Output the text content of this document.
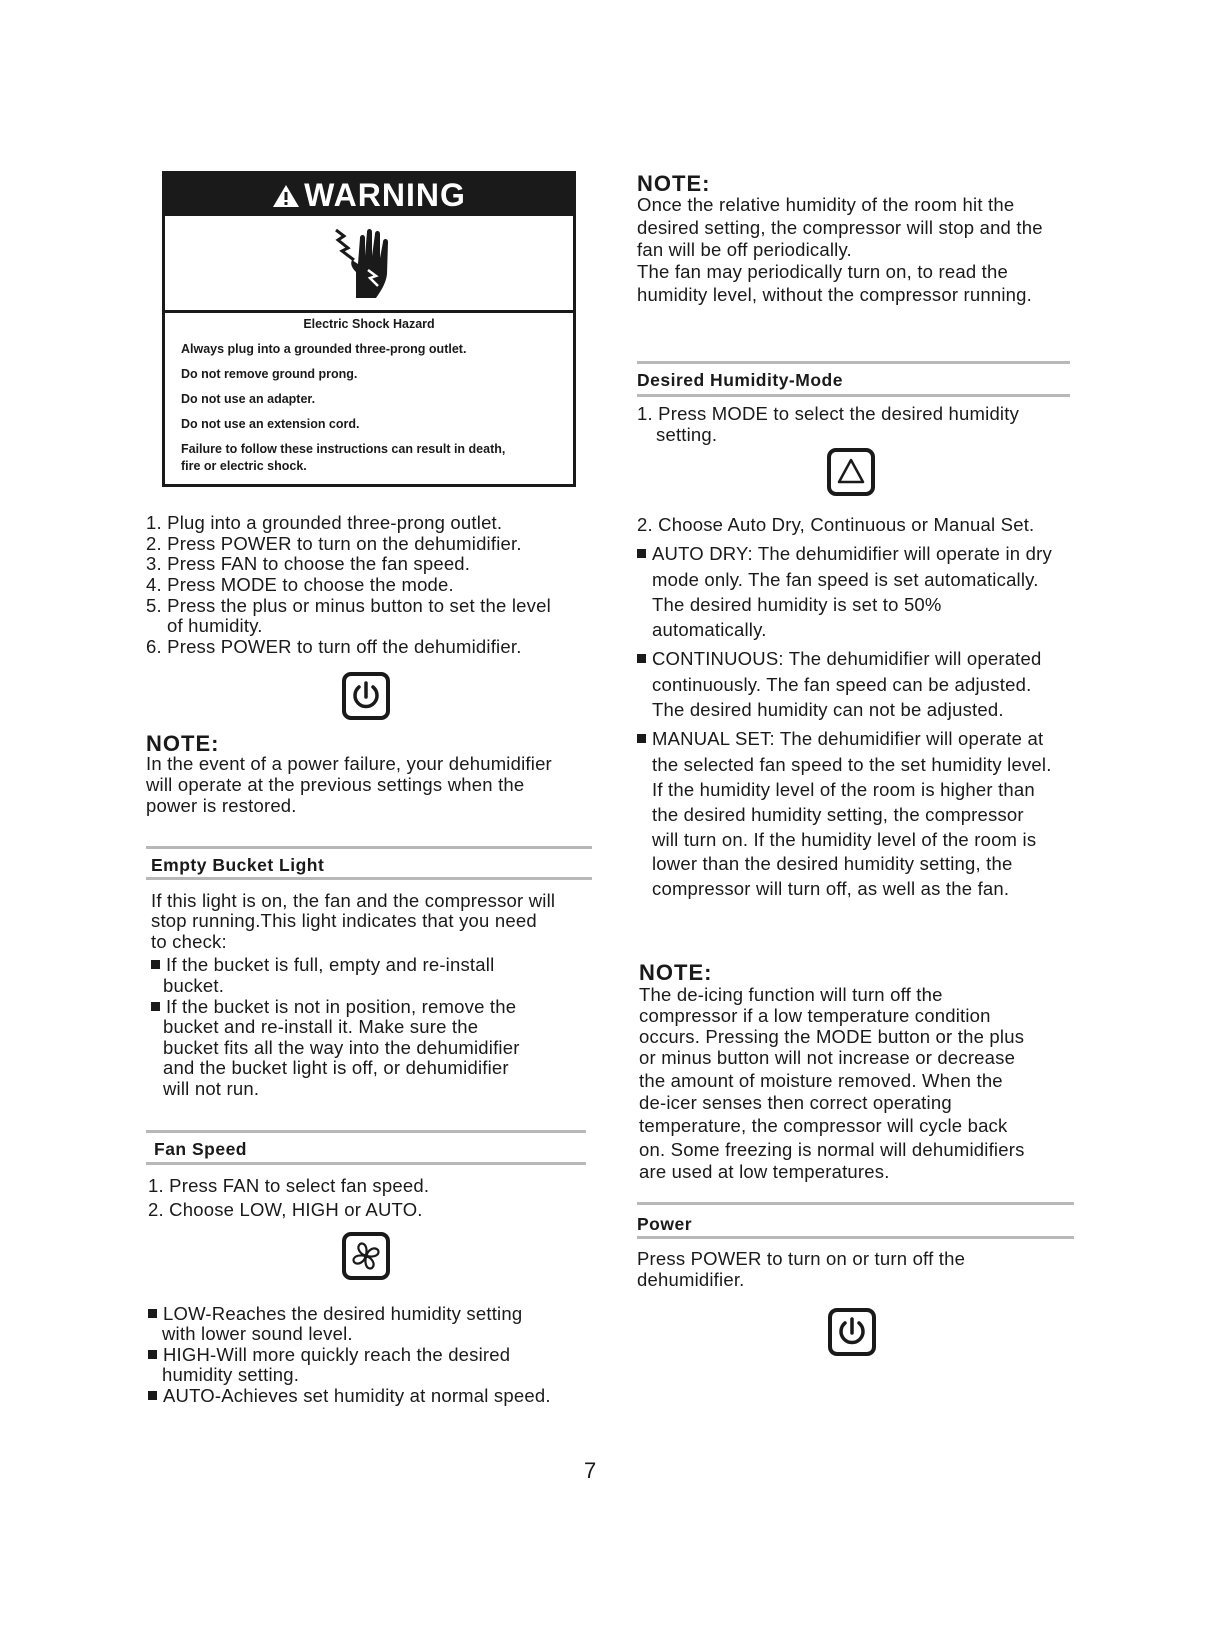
WARNING
Electric Shock Hazard
Always plug into a grounded three-prong outlet.
Do not remove ground prong.
Do not use an adapter.
Do not use an extension cord.
Failure to follow these instructions can result in death,
fire or electric shock.
1. Plug into a grounded three-prong outlet.
2. Press POWER to turn on the dehumidifier.
3. Press FAN to choose the fan speed.
4. Press MODE to choose the mode.
5. Press the plus or minus button to set the level
of humidity.
6. Press POWER to turn off the dehumidifier.
NOTE:
In the event of a power failure, your dehumidifier
will operate at the previous settings when the
power is restored.
Empty Bucket Light
If this light is on, the fan and the compressor will
stop running.This light indicates that you need
to check:
If the bucket is full, empty and re-install
bucket.
If the bucket is not in position, remove the
bucket and re-install it. Make sure the
bucket fits all the way into the dehumidifier
and the bucket light is off, or dehumidifier
will not run.
Fan Speed
1. Press FAN to select fan speed.
2. Choose LOW, HIGH or AUTO.
LOW-Reaches the desired humidity setting
with lower sound level.
HIGH-Will more quickly reach the desired
humidity setting.
AUTO-Achieves set humidity at normal speed.
NOTE:
Once the relative humidity of the room hit the
desired setting, the compressor will stop and the
fan will be off periodically.
The fan may periodically turn on, to read the
humidity level, without the compressor running.
Desired Humidity-Mode
1. Press MODE to select the desired humidity
setting.
2. Choose Auto Dry, Continuous or Manual Set.
AUTO DRY: The dehumidifier will operate in dry
mode only. The fan speed is set automatically.
The desired humidity is set to 50%
automatically.
CONTINUOUS: The dehumidifier will operated
continuously. The fan speed can be adjusted.
The desired humidity can not be adjusted.
MANUAL SET: The dehumidifier will operate at
the selected fan speed to the set humidity level.
If the humidity level of the room is higher than
the desired humidity setting, the compressor
will turn on. If the humidity level of the room is
lower than the desired humidity setting, the
compressor will turn off, as well as the fan.
NOTE:
The de-icing function will turn off the
compressor if a low temperature condition
occurs. Pressing the MODE button or the plus
or minus button will not increase or decrease
the amount of moisture removed. When the
de-icer senses then correct operating
temperature, the compressor will cycle back
on. Some freezing is normal will dehumidifiers
are used at low temperatures.
Power
Press POWER to turn on or turn off the
dehumidifier.
7
